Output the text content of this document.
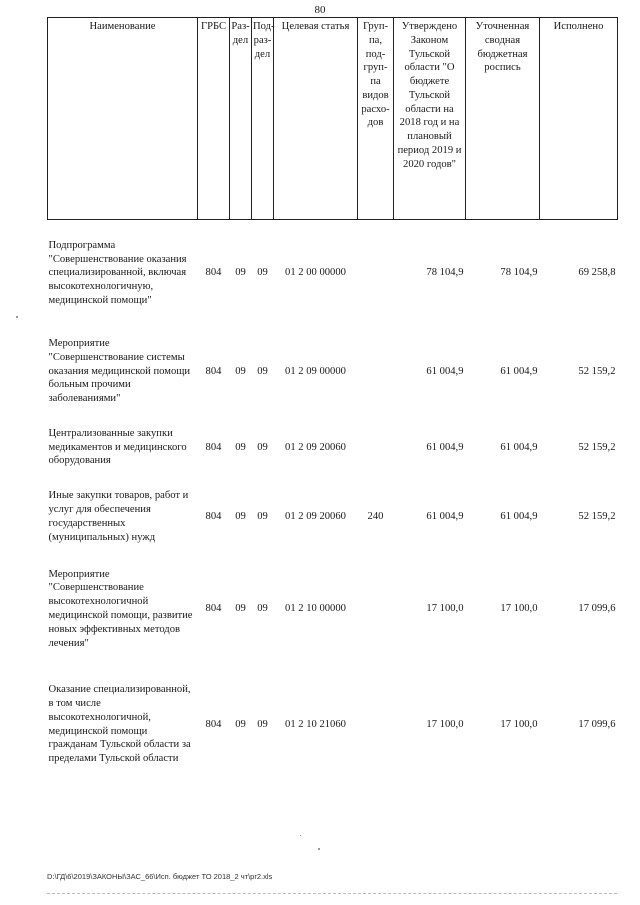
80
Наименование	ГРБС	Раз-дел	Под-раз-дел	Целевая статья	Груп-па, под-груп-па видов расхо-дов	Утверждено Законом Тульской области "О бюджете Тульской области на 2018 год и на плановый период 2019 и 2020 годов"	Уточненная сводная бюджетная роспись	Исполнено
Подпрограмма "Совершенствование оказания специализированной, включая высокотехнологичную, медицинской помощи"	804	09	09	01 2 00 00000		78 104,9	78 104,9	69 258,8
Мероприятие "Совершенствование системы оказания медицинской помощи больным прочими заболеваниями"	804	09	09	01 2 09 00000		61 004,9	61 004,9	52 159,2
Централизованные закупки медикаментов и медицинского оборудования	804	09	09	01 2 09 20060		61 004,9	61 004,9	52 159,2
Иные закупки товаров, работ и услуг для обеспечения государственных (муниципальных) нужд	804	09	09	01 2 09 20060	240	61 004,9	61 004,9	52 159,2
Мероприятие "Совершенствование высокотехнологичной медицинской помощи, развитие новых эффективных методов лечения"	804	09	09	01 2 10 00000		17 100,0	17 100,0	17 099,6
Оказание специализированной, в том числе высокотехнологичной, медицинской помощи гражданам Тульской области за пределами Тульской области	804	09	09	01 2 10 21060		17 100,0	17 100,0	17 099,6
D:\ГД\6\2019\ЗАКОНЫ\ЗАС_66\Исп. бюджет ТО 2018_2 чт\pr2.xls
